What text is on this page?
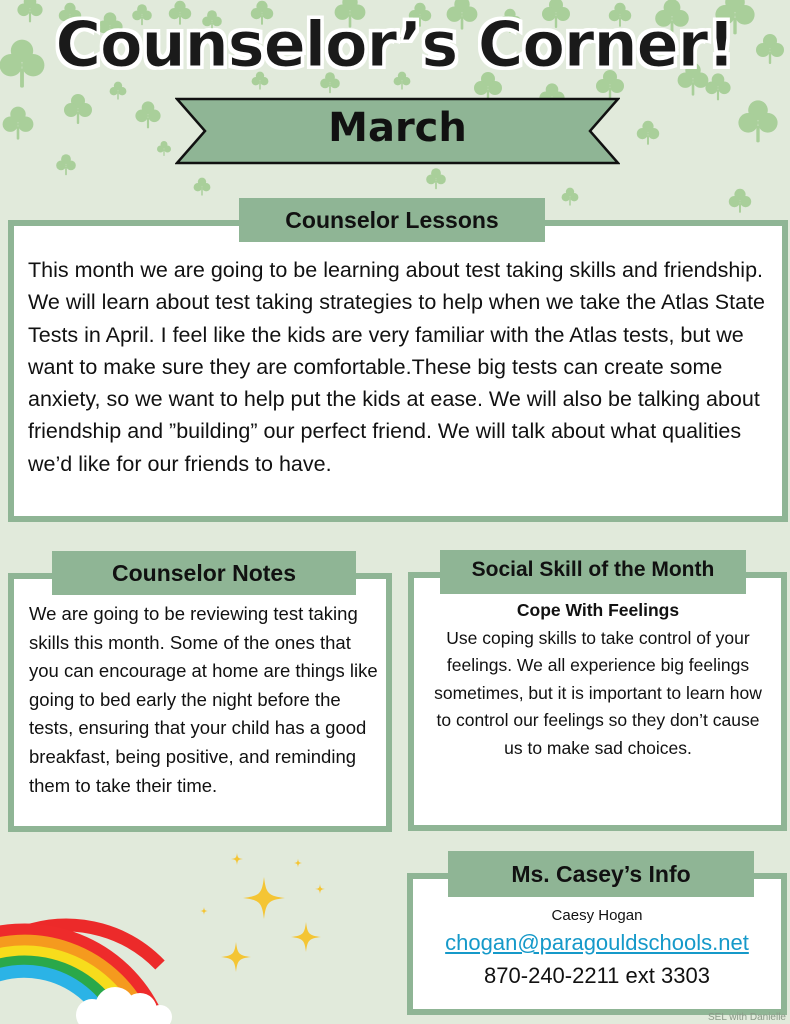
Counselor’s Corner!
March
Counselor Lessons
This month we are going to be learning about test taking skills and friendship. We will learn about test taking strategies to help when we take the Atlas State Tests in April. I feel like the kids are very familiar with the Atlas tests, but we want to make sure they are comfortable.These big tests can create some anxiety, so we want to help put the kids at ease. We will also be talking about friendship and ”building” our perfect friend. We will talk about what qualities we’d like for our friends to have.
Counselor Notes
We are going to be reviewing test taking skills this month. Some of the ones that you can encourage at home are things like going to bed early the night before the tests, ensuring that your child has a good breakfast, being positive, and reminding them to take their time.
Social Skill of the Month
Cope With Feelings
Use coping skills to take control of your feelings. We all experience big feelings sometimes, but it is important to learn how to control our feelings so they don’t cause us to make sad choices.
Ms. Casey’s Info
Caesy Hogan
chogan@paragouldschools.net
870-240-2211 ext 3303
SEL with Danielle
